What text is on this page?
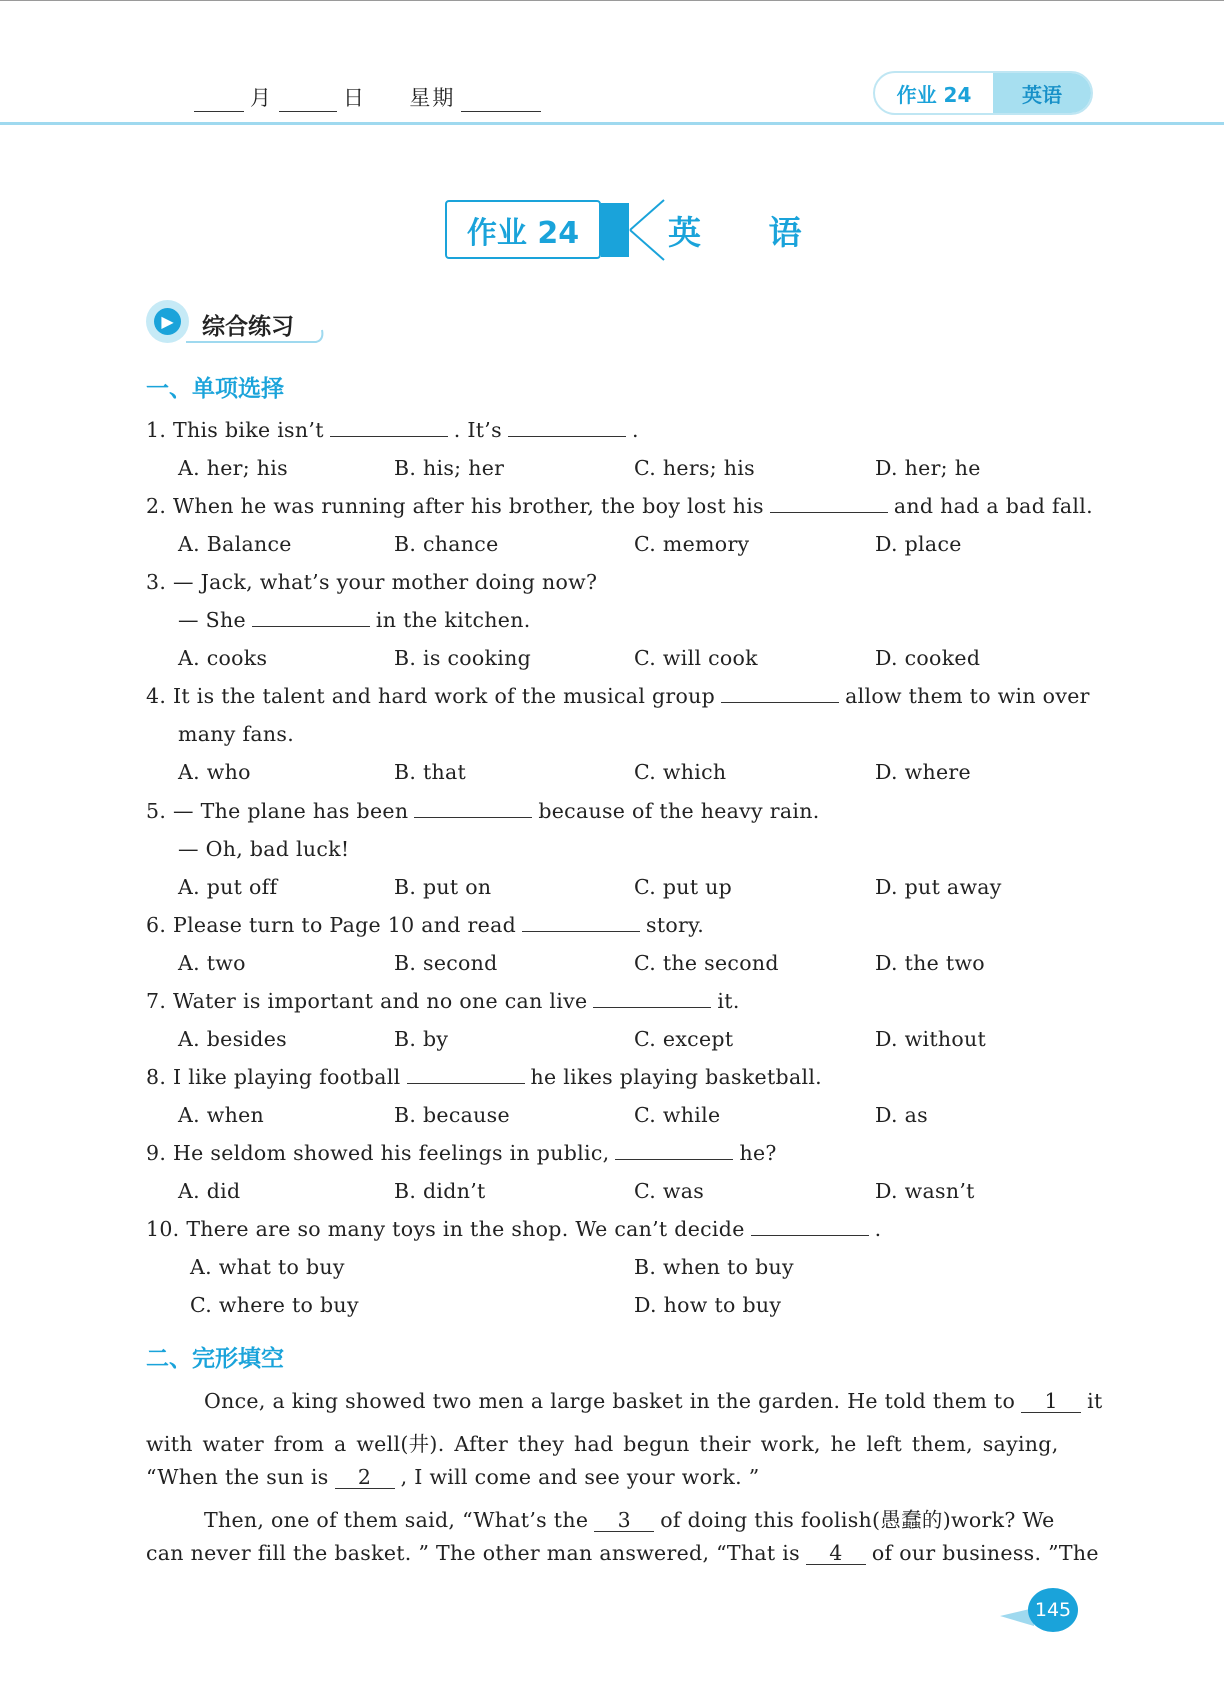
月	日 星期	作业 24	英语
作业 24	英 语
▶	综合练习
一、单项选择
1. This bike isn’t	. It’s	.
A. her; his	B. his; her	C. hers; his	D. her; he
2. When he was running after his brother, the boy lost his	and had a bad fall.
A. Balance	B. chance	C. memory	D. place
3. — Jack, what’s your mother doing now?
— She	in the kitchen.
A. cooks	B. is cooking	C. will cook	D. cooked
4. It is the talent and hard work of the musical group	allow them to win over
many fans.
A. who	B. that	C. which	D. where
5. — The plane has been	because of the heavy rain.
— Oh, bad luck!
A. put off	B. put on	C. put up	D. put away
6. Please turn to Page 10 and read	story.
A. two	B. second	C. the second	D. the two
7. Water is important and no one can live	it.
A. besides	B. by	C. except	D. without
8. I like playing football	he likes playing basketball.
A. when	B. because	C. while	D. as
9. He seldom showed his feelings in public,	he?
A. did	B. didn’t	C. was	D. wasn’t
10. There are so many toys in the shop. We can’t decide	.
A. what to buy	B. when to buy
C. where to buy	D. how to buy
二、完形填空
Once, a king showed two men a large basket in the garden. He told them to 1 it
with water from a well(井). After they had begun their work, he left them, saying,
“When the sun is 2 , I will come and see your work. ”
Then, one of them said, “What’s the 3 of doing this foolish(愚蠢的)work? We
can never fill the basket. ” The other man answered, “That is 4 of our business. ”The
145
